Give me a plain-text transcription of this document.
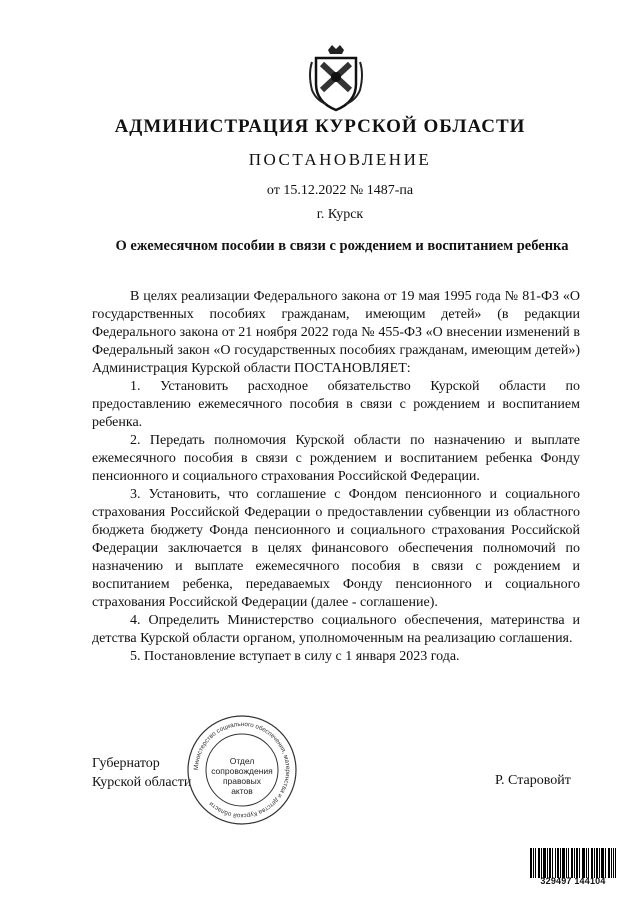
АДМИНИСТРАЦИЯ КУРСКОЙ ОБЛАСТИ
ПОСТАНОВЛЕНИЕ
от 15.12.2022 № 1487-па
г. Курск
О ежемесячном пособии в связи с рождением и воспитанием ребенка

В целях реализации Федерального закона от 19 мая 1995 года № 81-ФЗ «О государственных пособиях гражданам, имеющим детей» (в редакции Федерального закона от 21 ноября 2022 года № 455-ФЗ «О внесении изменений в Федеральный закон «О государственных пособиях гражданам, имеющим детей») Администрация Курской области ПОСТАНОВЛЯЕТ:

1. Установить расходное обязательство Курской области по предоставлению ежемесячного пособия в связи с рождением и воспитанием ребенка.

2. Передать полномочия Курской области по назначению и выплате ежемесячного пособия в связи с рождением и воспитанием ребенка Фонду пенсионного и социального страхования Российской Федерации.

3. Установить, что соглашение с Фондом пенсионного и социального страхования Российской Федерации о предоставлении субвенции из областного бюджета бюджету Фонда пенсионного и социального страхования Российской Федерации заключается в целях финансового обеспечения полномочий по назначению и выплате ежемесячного пособия в связи с рождением и воспитанием ребенка, передаваемых Фонду пенсионного и социального страхования Российской Федерации (далее - соглашение).

4. Определить Министерство социального обеспечения, материнства и детства Курской области органом, уполномоченным на реализацию соглашения.

5. Постановление вступает в силу с 1 января 2023 года.

Губернатор
Курской области	Р. Старовойт
Министерство социального обеспечения, материнства и детства Курской области
Отдел
сопровождения
правовых
актов
329497 144104
